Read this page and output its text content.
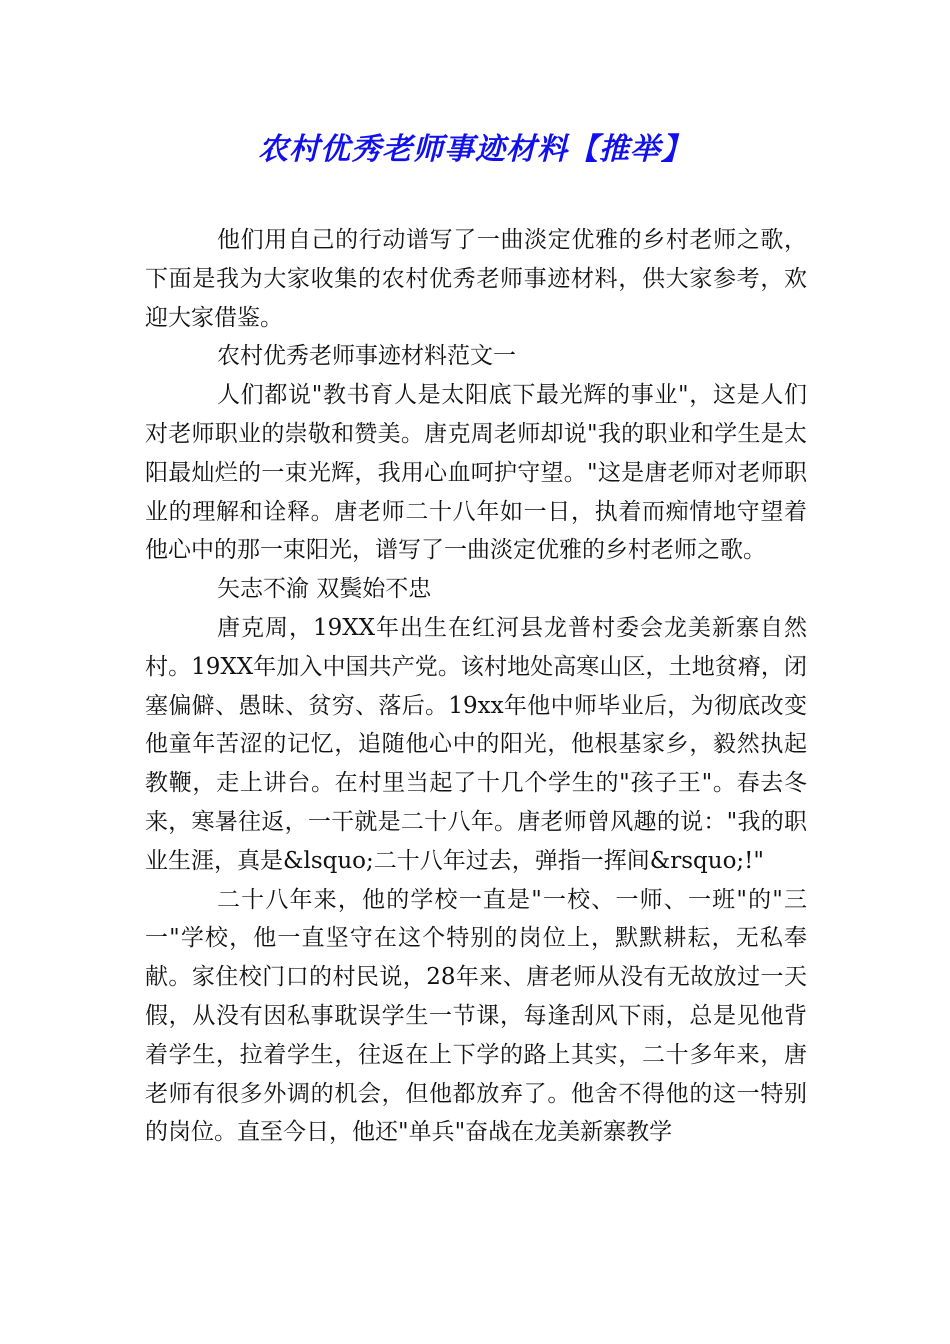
农村优秀老师事迹材料【推举】

他们用自己的行动谱写了一曲淡定优雅的乡村老师之歌，下面是我为大家收集的农村优秀老师事迹材料，供大家参考，欢迎大家借鉴。

农村优秀老师事迹材料范文一

人们都说"教书育人是太阳底下最光辉的事业"，这是人们对老师职业的崇敬和赞美。唐克周老师却说"我的职业和学生是太阳最灿烂的一束光辉，我用心血呵护守望。"这是唐老师对老师职业的理解和诠释。唐老师二十八年如一日，执着而痴情地守望着他心中的那一束阳光，谱写了一曲淡定优雅的乡村老师之歌。

矢志不渝 双鬓始不忠

唐克周，19XX年出生在红河县龙普村委会龙美新寨自然村。19XX年加入中国共产党。该村地处高寒山区，土地贫瘠，闭塞偏僻、愚昧、贫穷、落后。19xx年他中师毕业后，为彻底改变他童年苦涩的记忆，追随他心中的阳光，他根基家乡，毅然执起教鞭，走上讲台。在村里当起了十几个学生的"孩子王"。春去冬来，寒暑往返，一干就是二十八年。唐老师曾风趣的说："我的职业生涯，真是&lsquo;二十八年过去，弹指一挥间&rsquo;!"

二十八年来，他的学校一直是"一校、一师、一班"的"三一"学校，他一直坚守在这个特别的岗位上，默默耕耘，无私奉献。家住校门口的村民说，28年来、唐老师从没有无故放过一天假，从没有因私事耽误学生一节课，每逢刮风下雨，总是见他背着学生，拉着学生，往返在上下学的路上其实，二十多年来，唐老师有很多外调的机会，但他都放弃了。他舍不得他的这一特别的岗位。直至今日，他还"单兵"奋战在龙美新寨教学
